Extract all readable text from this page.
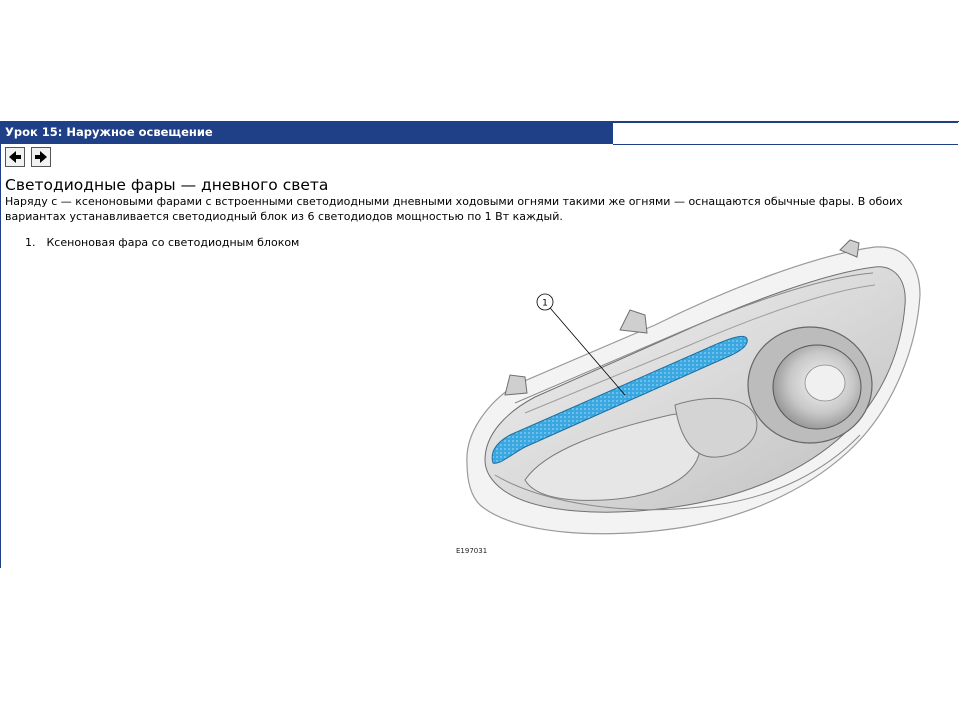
Урок 15: Наружное освещение
Светодиодные фары — дневного света
Наряду с — ксеноновыми фарами с встроенными светодиодными дневными ходовыми огнями такими же огнями — оснащаются обычные фары. В обоих вариантах устанавливается светодиодный блок из 6 светодиодов мощностью по 1 Вт каждый.
1. Ксеноновая фара со светодиодным блоком
1
E197031
